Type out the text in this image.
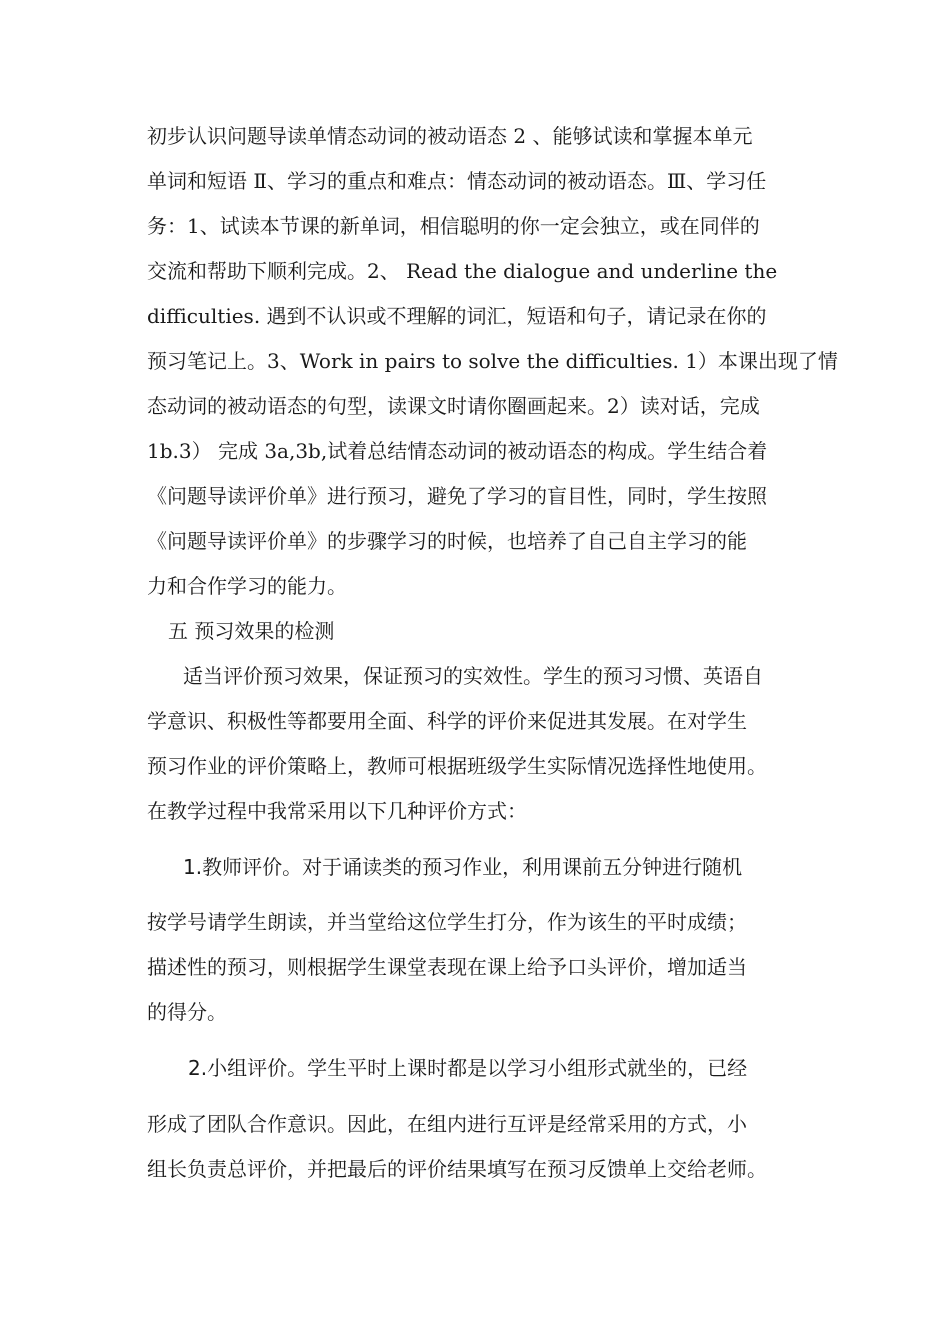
初步认识问题导读单情态动词的被动语态 2 、能够试读和掌握本单元
单词和短语 Ⅱ、学习的重点和难点：情态动词的被动语态。Ⅲ、学习任
务：1、试读本节课的新单词，相信聪明的你一定会独立，或在同伴的
交流和帮助下顺利完成。2、 Read the dialogue and underline the
difficulties. 遇到不认识或不理解的词汇，短语和句子，请记录在你的
预习笔记上。3、Work in pairs to solve the difficulties. 1）本课出现了情
态动词的被动语态的句型，读课文时请你圈画起来。2）读对话，完成
1b.3） 完成 3a,3b,试着总结情态动词的被动语态的构成。学生结合着
《问题导读评价单》进行预习，避免了学习的盲目性，同时，学生按照
《问题导读评价单》的步骤学习的时候，也培养了自己自主学习的能
力和合作学习的能力。
五 预习效果的检测
适当评价预习效果，保证预习的实效性。学生的预习习惯、英语自
学意识、积极性等都要用全面、科学的评价来促进其发展。在对学生
预习作业的评价策略上，教师可根据班级学生实际情况选择性地使用。
在教学过程中我常采用以下几种评价方式：
1.教师评价。对于诵读类的预习作业，利用课前五分钟进行随机
按学号请学生朗读，并当堂给这位学生打分，作为该生的平时成绩；
描述性的预习，则根据学生课堂表现在课上给予口头评价，增加适当
的得分。
2.小组评价。学生平时上课时都是以学习小组形式就坐的，已经
形成了团队合作意识。因此，在组内进行互评是经常采用的方式，小
组长负责总评价，并把最后的评价结果填写在预习反馈单上交给老师。
